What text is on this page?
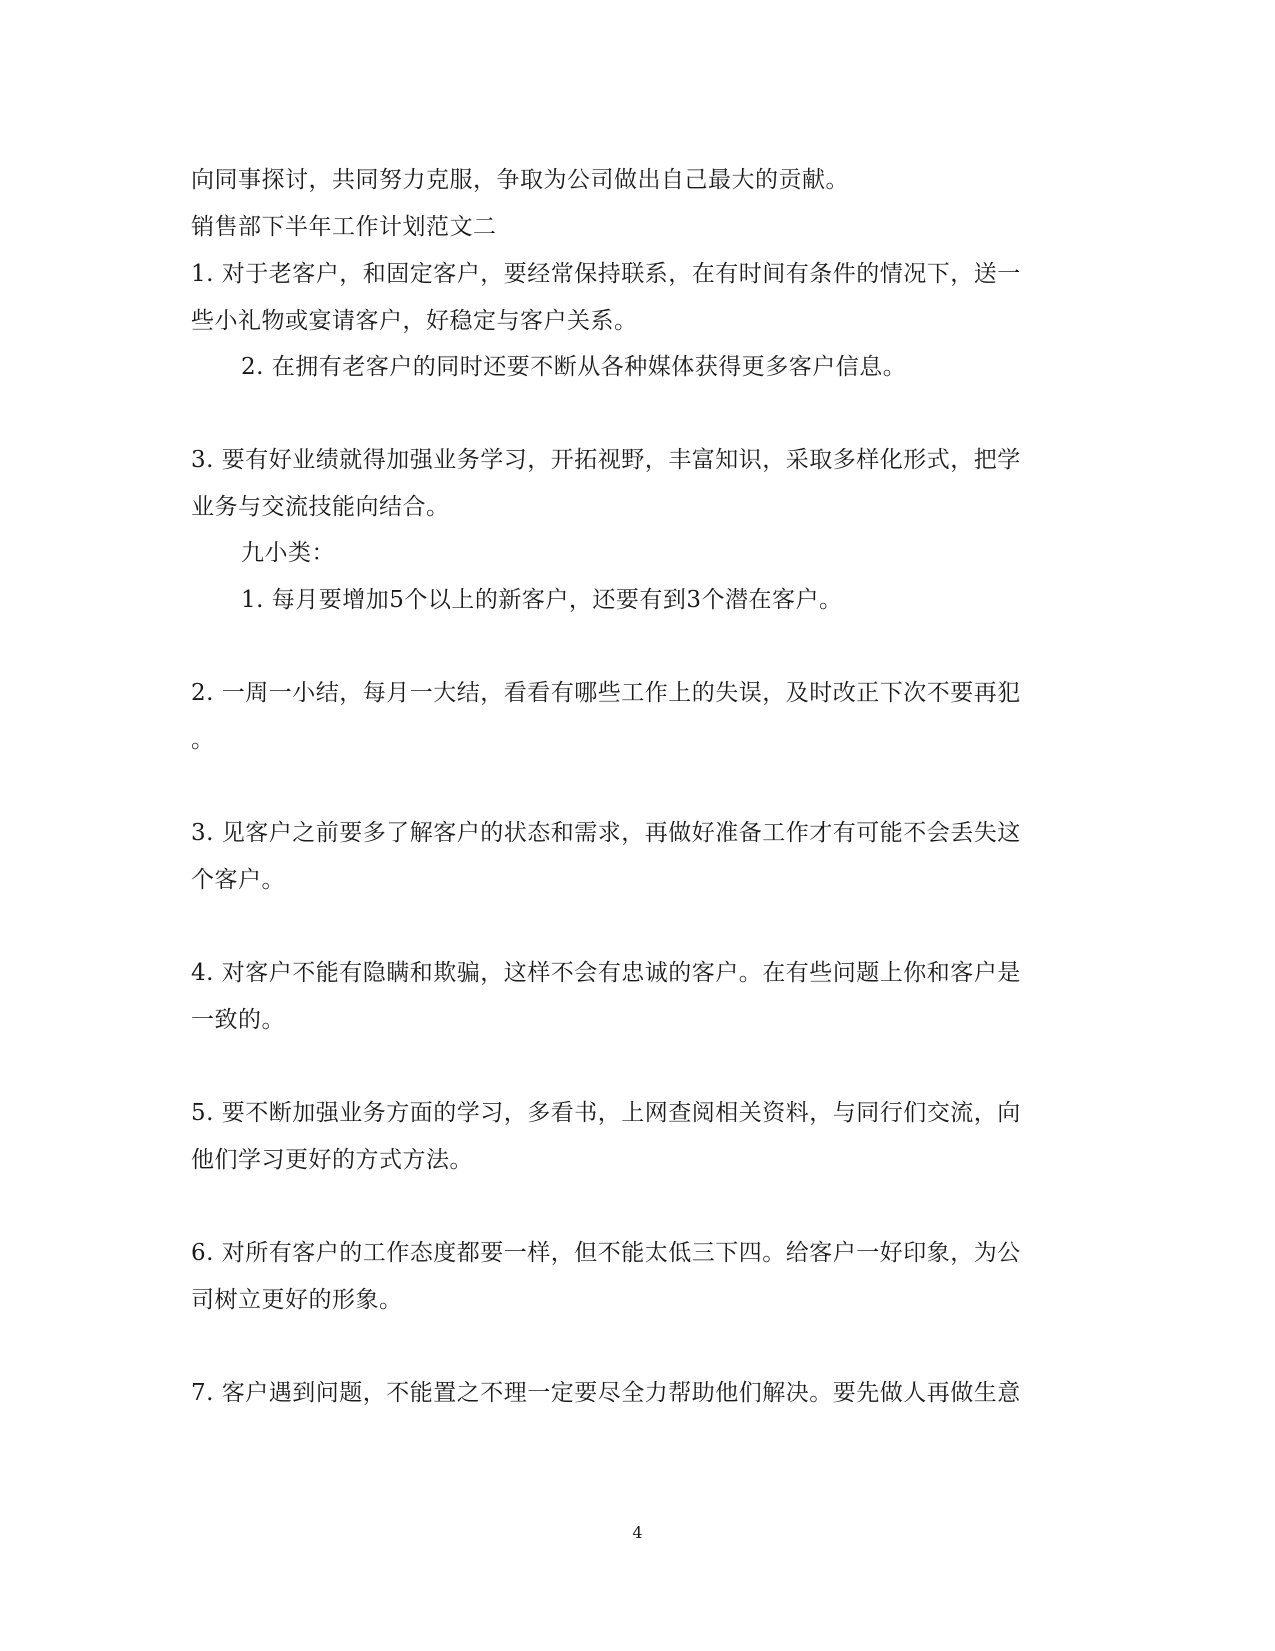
向同事探讨，共同努力克服，争取为公司做出自己最大的贡献。
销售部下半年工作计划范文二
1. 对于老客户，和固定客户，要经常保持联系，在有时间有条件的情况下，送一
些小礼物或宴请客户，好稳定与客户关系。
2. 在拥有老客户的同时还要不断从各种媒体获得更多客户信息。
3. 要有好业绩就得加强业务学习，开拓视野，丰富知识，采取多样化形式，把学
业务与交流技能向结合。
九小类：
1. 每月要增加5个以上的新客户，还要有到3个潜在客户。
2. 一周一小结，每月一大结，看看有哪些工作上的失误，及时改正下次不要再犯
。
3. 见客户之前要多了解客户的状态和需求，再做好准备工作才有可能不会丢失这
个客户。
4. 对客户不能有隐瞒和欺骗，这样不会有忠诚的客户。在有些问题上你和客户是
一致的。
5. 要不断加强业务方面的学习，多看书，上网查阅相关资料，与同行们交流，向
他们学习更好的方式方法。
6. 对所有客户的工作态度都要一样，但不能太低三下四。给客户一好印象，为公
司树立更好的形象。
7. 客户遇到问题，不能置之不理一定要尽全力帮助他们解决。要先做人再做生意
4
